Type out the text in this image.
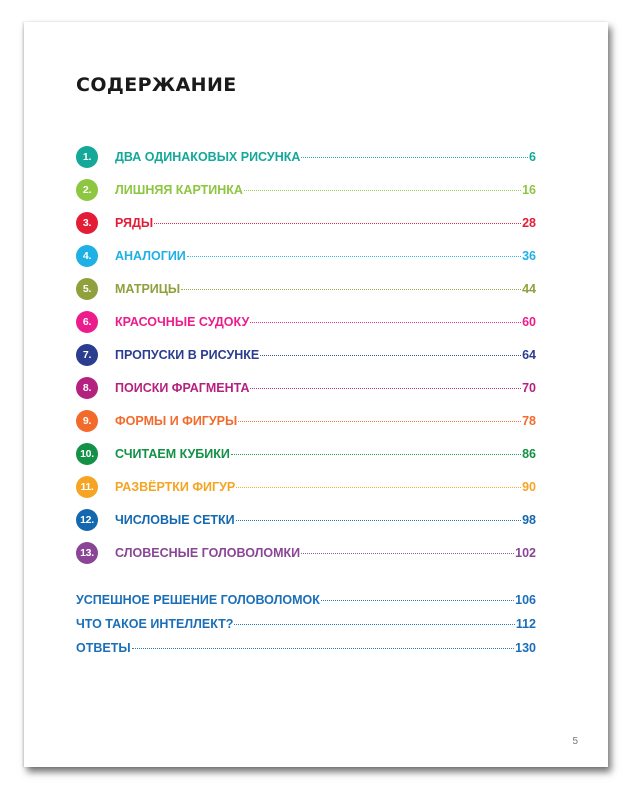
СОДЕРЖАНИЕ
1.	ДВА ОДИНАКОВЫХ РИСУНКА	6
2.	ЛИШНЯЯ КАРТИНКА	16
3.	РЯДЫ	28
4.	АНАЛОГИИ	36
5.	МАТРИЦЫ	44
6.	КРАСОЧНЫЕ СУДОКУ	60
7.	ПРОПУСКИ В РИСУНКЕ	64
8.	ПОИСКИ ФРАГМЕНТА	70
9.	ФОРМЫ И ФИГУРЫ	78
10.	СЧИТАЕМ КУБИКИ	86
11.	РАЗВЁРТКИ ФИГУР	90
12.	ЧИСЛОВЫЕ СЕТКИ	98
13.	СЛОВЕСНЫЕ ГОЛОВОЛОМКИ	102
УСПЕШНОЕ РЕШЕНИЕ ГОЛОВОЛОМОК	106
ЧТО ТАКОЕ ИНТЕЛЛЕКТ?	112
ОТВЕТЫ	130
5
